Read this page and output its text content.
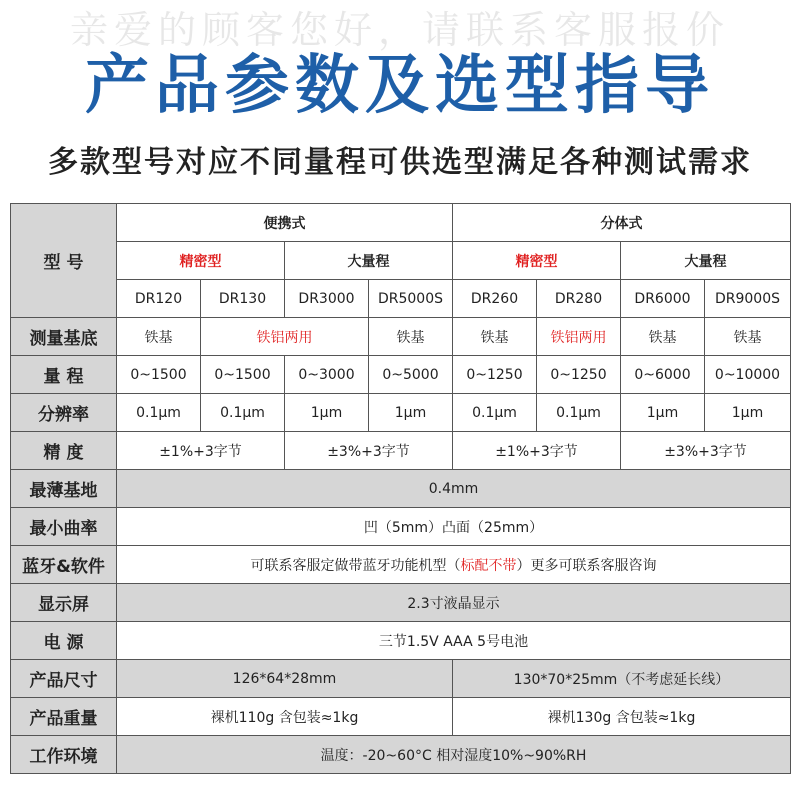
亲爱的顾客您好，请联系客服报价
产品参数及选型指导
多款型号对应不同量程可供选型满足各种测试需求
型 号	便携式				分体式			
	精密型		大量程		精密型		大量程	
	DR120	DR130	DR3000	DR5000S	DR260	DR280	DR6000	DR9000S
测量基底	铁基	铁铝两用		铁基	铁基	铁铝两用	铁基	铁基
量 程	0~1500	0~1500	0~3000	0~5000	0~1250	0~1250	0~6000	0~10000
分辨率	0.1μm	0.1μm	1μm	1μm	0.1μm	0.1μm	1μm	1μm
精 度	±1%+3字节		±3%+3字节		±1%+3字节		±3%+3字节	
最薄基地	0.4mm							
最小曲率	凹（5mm）凸面（25mm）							
蓝牙&软件	可联系客服定做带蓝牙功能机型（标配不带）更多可联系客服咨询							
显示屏	2.3寸液晶显示							
电 源	三节1.5V AAA 5号电池							
产品尺寸	126*64*28mm				130*70*25mm（不考虑延长线）			
产品重量	裸机110g 含包装≈1kg				裸机130g 含包装≈1kg			
工作环境	温度：-20~60°C 相对湿度10%~90%RH							
